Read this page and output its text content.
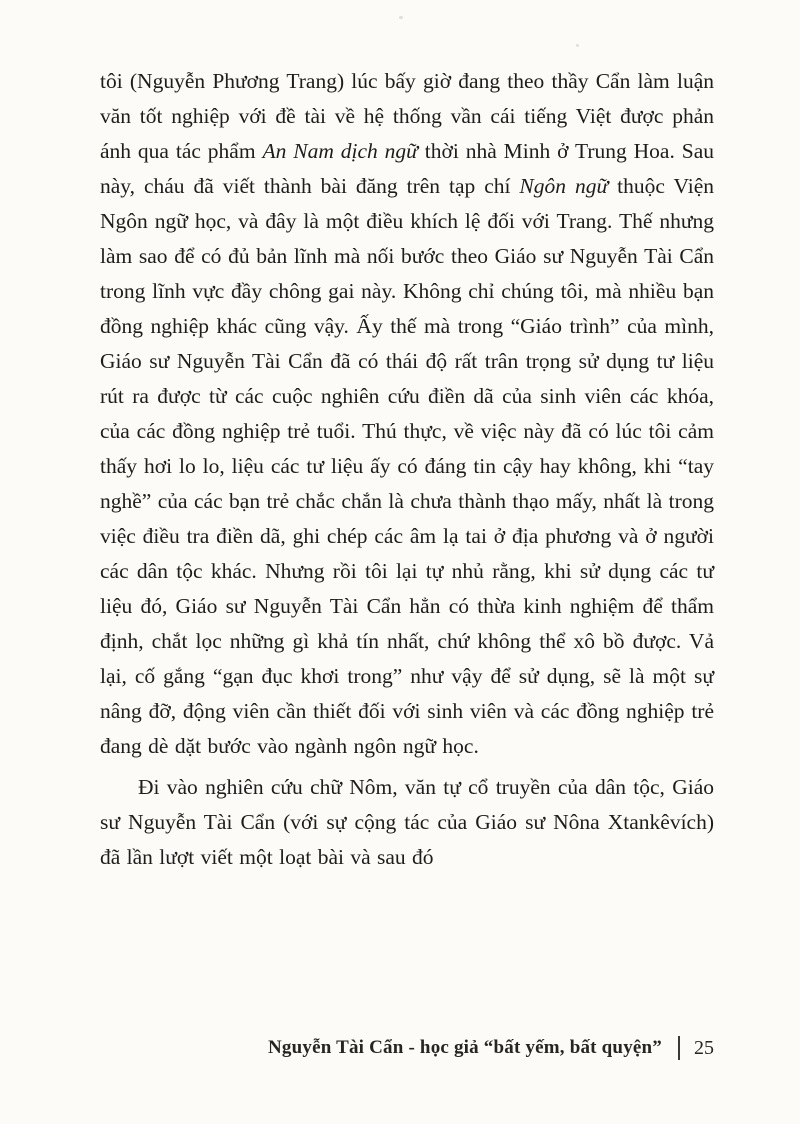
tôi (Nguyễn Phương Trang) lúc bấy giờ đang theo thầy Cẩn làm luận văn tốt nghiệp với đề tài về hệ thống vần cái tiếng Việt được phản ánh qua tác phẩm An Nam dịch ngữ thời nhà Minh ở Trung Hoa. Sau này, cháu đã viết thành bài đăng trên tạp chí Ngôn ngữ thuộc Viện Ngôn ngữ học, và đây là một điều khích lệ đối với Trang. Thế nhưng làm sao để có đủ bản lĩnh mà nối bước theo Giáo sư Nguyễn Tài Cẩn trong lĩnh vực đầy chông gai này. Không chỉ chúng tôi, mà nhiều bạn đồng nghiệp khác cũng vậy. Ấy thế mà trong “Giáo trình” của mình, Giáo sư Nguyễn Tài Cẩn đã có thái độ rất trân trọng sử dụng tư liệu rút ra được từ các cuộc nghiên cứu điền dã của sinh viên các khóa, của các đồng nghiệp trẻ tuổi. Thú thực, về việc này đã có lúc tôi cảm thấy hơi lo lo, liệu các tư liệu ấy có đáng tin cậy hay không, khi “tay nghề” của các bạn trẻ chắc chắn là chưa thành thạo mấy, nhất là trong việc điều tra điền dã, ghi chép các âm lạ tai ở địa phương và ở người các dân tộc khác. Nhưng rồi tôi lại tự nhủ rằng, khi sử dụng các tư liệu đó, Giáo sư Nguyễn Tài Cẩn hẳn có thừa kinh nghiệm để thẩm định, chắt lọc những gì khả tín nhất, chứ không thể xô bồ được. Vả lại, cố gắng “gạn đục khơi trong” như vậy để sử dụng, sẽ là một sự nâng đỡ, động viên cần thiết đối với sinh viên và các đồng nghiệp trẻ đang dè dặt bước vào ngành ngôn ngữ học.

Đi vào nghiên cứu chữ Nôm, văn tự cổ truyền của dân tộc, Giáo sư Nguyễn Tài Cẩn (với sự cộng tác của Giáo sư Nôna Xtankêvích) đã lần lượt viết một loạt bài và sau đó

Nguyễn Tài Cẩn - học giả “bất yếm, bất quyện” 25
